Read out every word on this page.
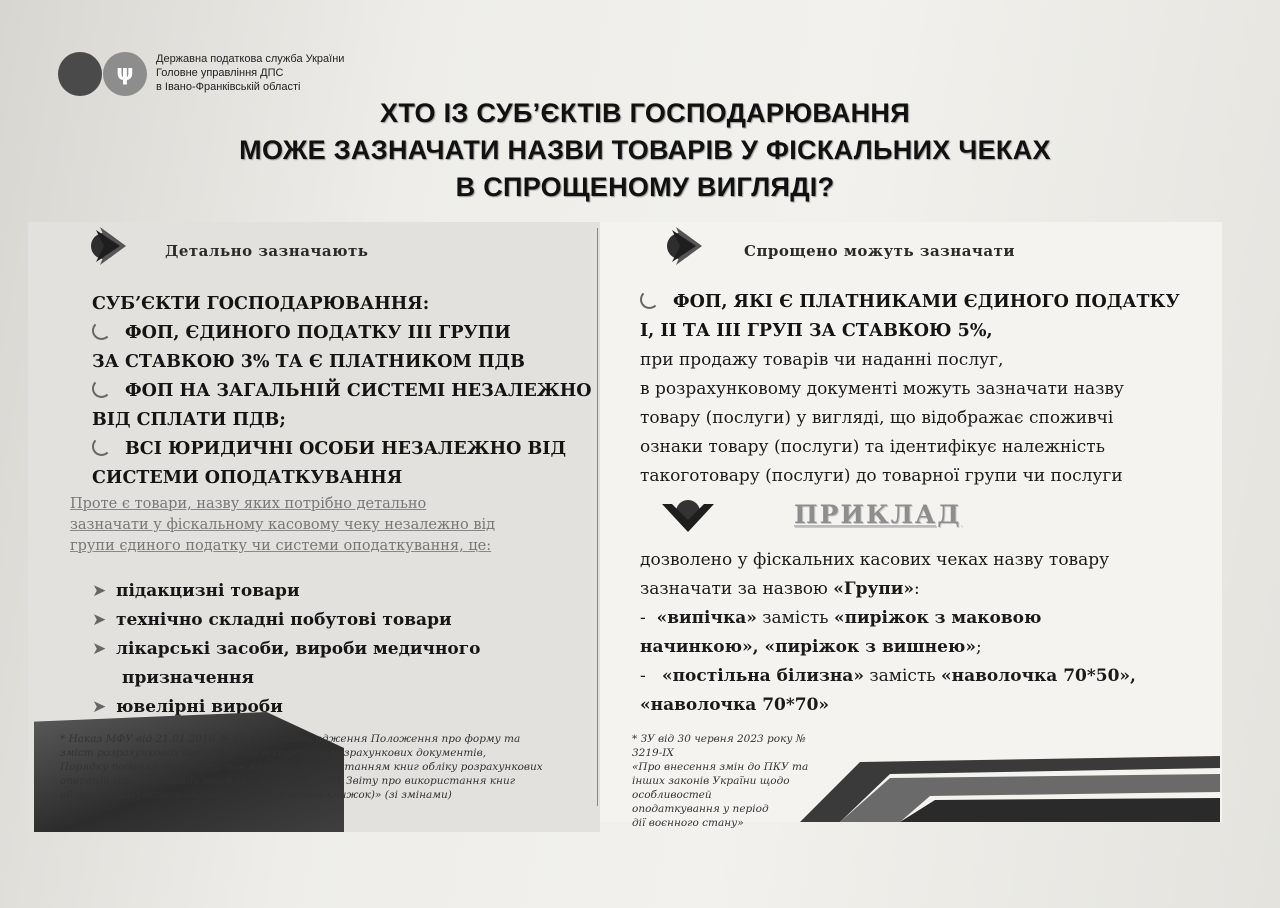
ψ
Державна податкова служба України
Головне управління ДПС
в Івано-Франківській області
ХТО ІЗ СУБ’ЄКТІВ ГОСПОДАРЮВАННЯ
МОЖЕ ЗАЗНАЧАТИ НАЗВИ ТОВАРІВ У ФІСКАЛЬНИХ ЧЕКАХ
В СПРОЩЕНОМУ ВИГЛЯДІ?
Детально зазначають
СУБ’ЄКТИ ГОСПОДАРЮВАННЯ:
ФОП, ЄДИНОГО ПОДАТКУ ІІІ ГРУПИ
ЗА СТАВКОЮ 3% ТА Є ПЛАТНИКОМ ПДВ
ФОП НА ЗАГАЛЬНІЙ СИСТЕМІ НЕЗАЛЕЖНО
ВІД СПЛАТИ ПДВ;
ВСІ ЮРИДИЧНІ ОСОБИ НЕЗАЛЕЖНО ВІД
СИСТЕМИ ОПОДАТКУВАННЯ
Проте є товари, назву яких потрібно детально
зазначати у фіскальному касовому чеку незалежно від
групи єдиного податку чи системи оподаткування, це:
➤ підакцизні товари
➤ технічно складні побутові товари
➤ лікарські засоби, вироби медичного
призначення
➤ ювелірні вироби
* Наказ МФУ від 21.01.2016 № 13 «Про затвердження Положення про форму та
зміст розрахункових документів/електронних розрахункових документів,
Порядку подання звітності, пов’язаної із використанням книг обліку розрахункових
операцій (розрахункових книжок), форми № ЗВР-1 Звіту про використання книг
обліку розрахункових операцій (розрахункових книжок)» (зі змінами)
Спрощено можуть зазначати
ФОП, ЯКІ Є ПЛАТНИКАМИ ЄДИНОГО ПОДАТКУ
І, ІІ ТА ІІІ ГРУП ЗА СТАВКОЮ 5%,
при продажу товарів чи наданні послуг,
в розрахунковому документі можуть зазначати назву
товару (послуги) у вигляді, що відображає споживчі
ознаки товару (послуги) та ідентифікує належність
такоготовару (послуги) до товарної групи чи послуги
ПРИКЛАД
дозволено у фіскальних касових чеках назву товару
зазначати за назвою «Групи»:
-  «випічка» замість «пиріжок з маковою
начинкою», «пиріжок з вишнею»;
-   «постільна білизна» замість «наволочка 70*50»,
«наволочка 70*70»
* ЗУ від 30 червня 2023 року № 3219-IX
«Про внесення змін до ПКУ та
інших законів України щодо
особливостей
оподаткування у період
дії воєнного стану»
